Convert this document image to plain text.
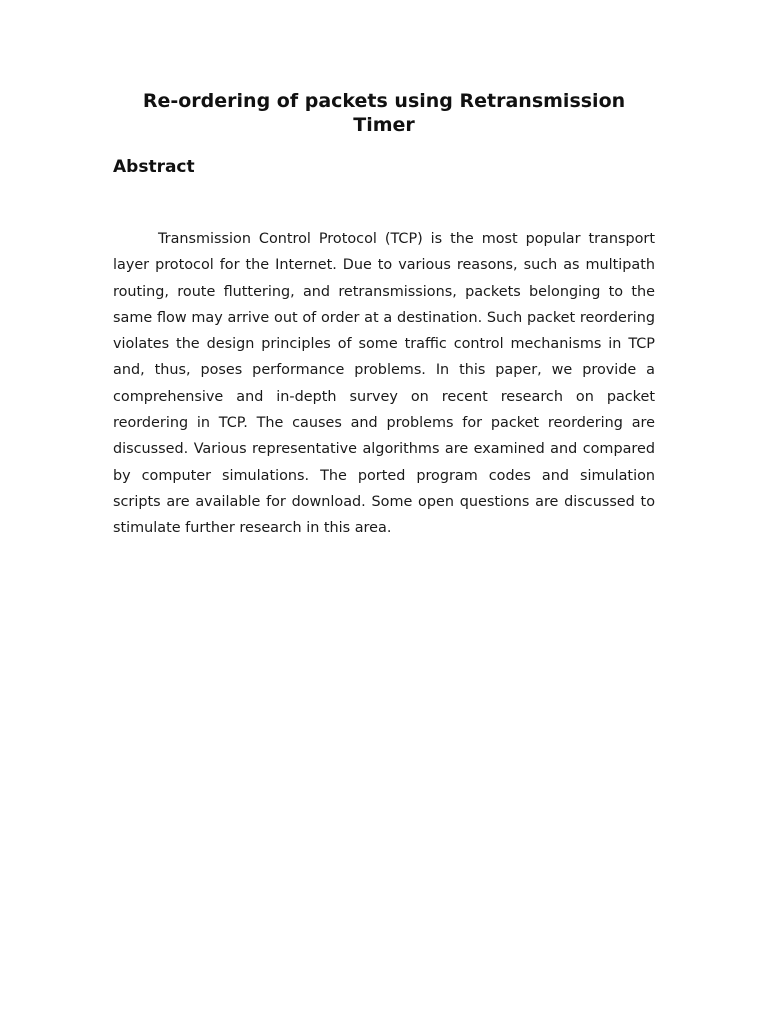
Re-ordering of packets using Retransmission Timer
Abstract

Transmission Control Protocol (TCP) is the most popular transport layer protocol for the Internet. Due to various reasons, such as multipath routing, route fluttering, and retransmissions, packets belonging to the same flow may arrive out of order at a destination. Such packet reordering violates the design principles of some traffic control mechanisms in TCP and, thus, poses performance problems. In this paper, we provide a comprehensive and in-depth survey on recent research on packet reordering in TCP. The causes and problems for packet reordering are discussed. Various representative algorithms are examined and compared by computer simulations. The ported program codes and simulation scripts are available for download. Some open questions are discussed to stimulate further research in this area.
